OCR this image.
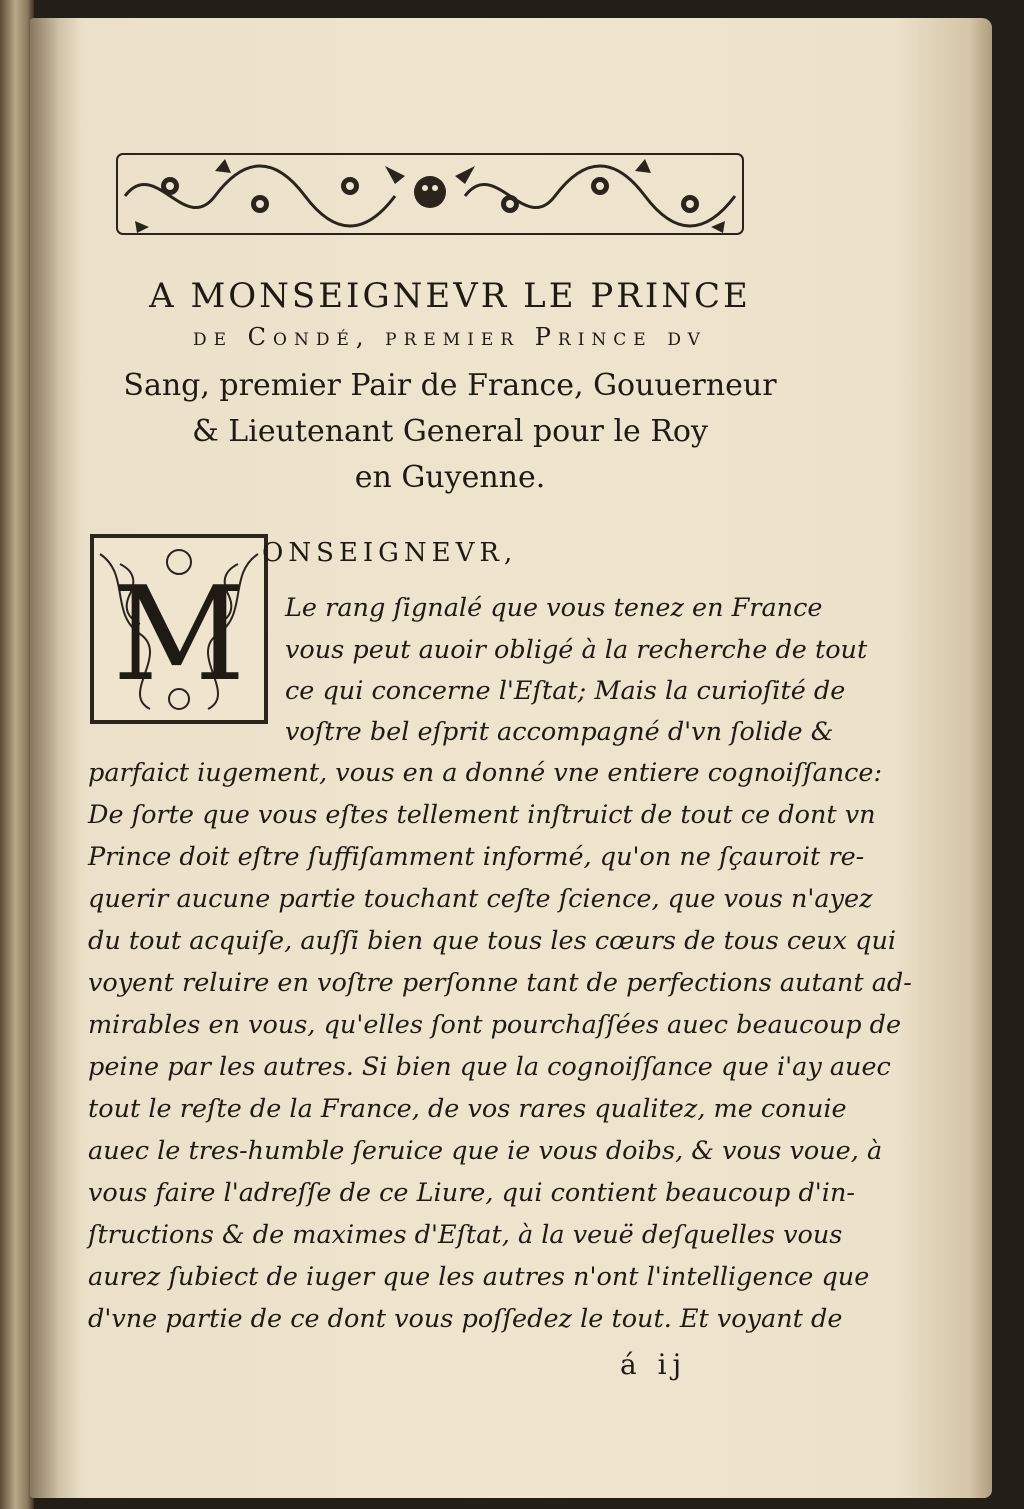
A MONSEIGNEVR LE PRINCE
de Condé, premier Prince dv
Sang, premier Pair de France, Gouuerneur
& Lieutenant General pour le Roy
en Guyenne.
M
ONSEIGNEVR,
Le rang ſignalé que vous tenez en France
vous peut auoir obligé à la recherche de tout
ce qui concerne l'Eſtat; Mais la curioſité de
voſtre bel eſprit accompagné d'vn ſolide &
parfaict iugement, vous en a donné vne entiere cognoiſſance:
De ſorte que vous eſtes tellement inſtruict de tout ce dont vn
Prince doit eſtre ſuffiſamment informé, qu'on ne ſçauroit re-
querir aucune partie touchant ceſte ſcience, que vous n'ayez
du tout acquiſe, auſſi bien que tous les cœurs de tous ceux qui
voyent reluire en voſtre perſonne tant de perfections autant ad-
mirables en vous, qu'elles ſont pourchaſſées auec beaucoup de
peine par les autres. Si bien que la cognoiſſance que i'ay auec
tout le reſte de la France, de vos rares qualitez, me conuie
auec le tres-humble ſeruice que ie vous doibs, & vous voue, à
vous faire l'adreſſe de ce Liure, qui contient beaucoup d'in-
ſtructions & de maximes d'Eſtat, à la veuë deſquelles vous
aurez ſubiect de iuger que les autres n'ont l'intelligence que
d'vne partie de ce dont vous poſſedez le tout. Et voyant de
á ij
